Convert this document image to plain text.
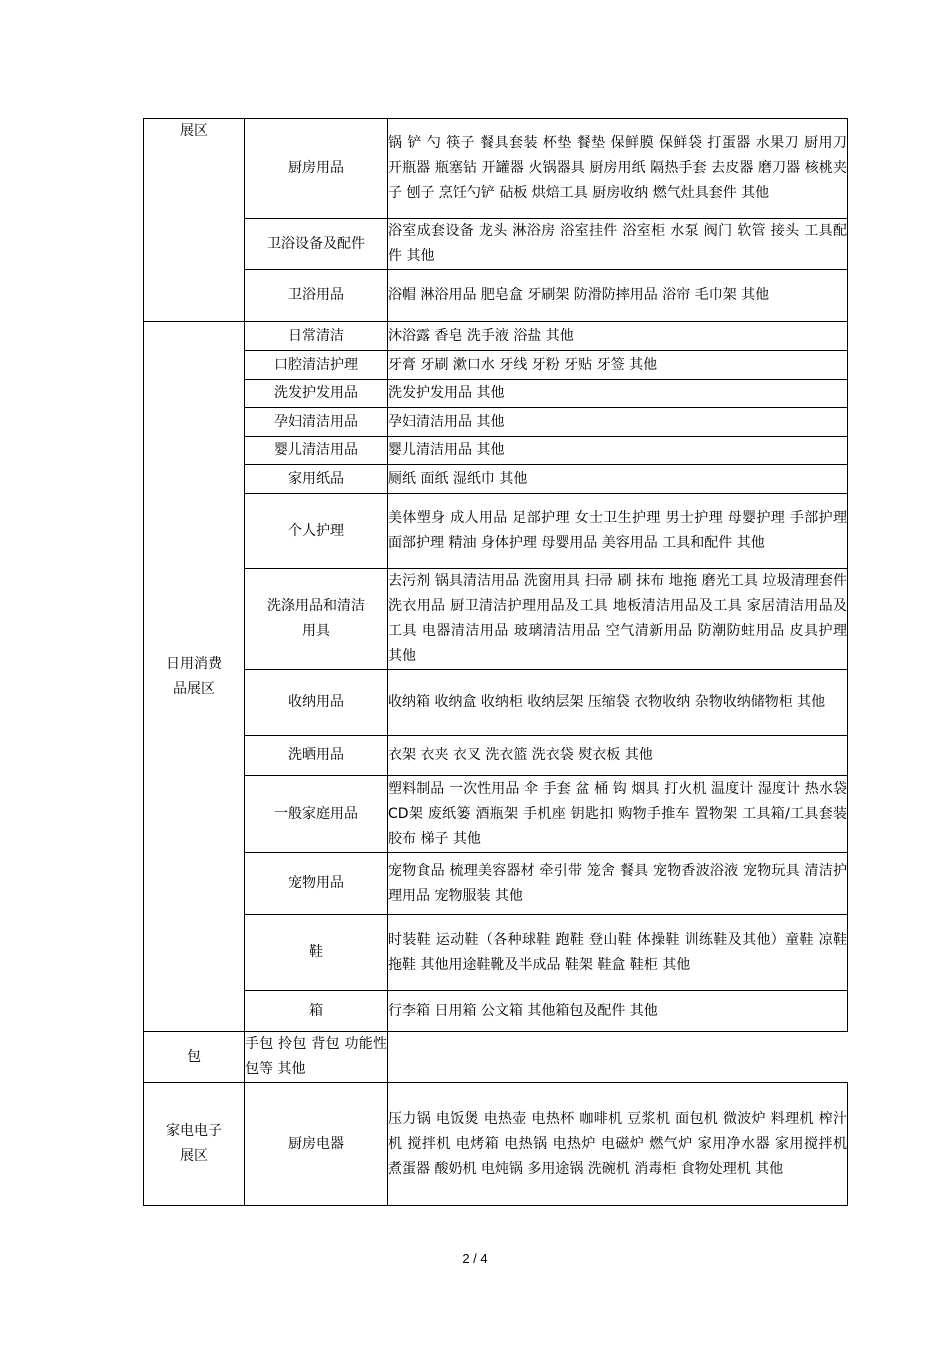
展区	厨房用品	锅 铲 勺 筷子 餐具套装 杯垫 餐垫 保鲜膜 保鲜袋 打蛋器 水果刀 厨用刀 开瓶器 瓶塞钻 开罐器 火锅器具 厨房用纸 隔热手套 去皮器 磨刀器 核桃夹子 刨子 烹饪勺铲 砧板 烘焙工具 厨房收纳 燃气灶具套件 其他
	卫浴设备及配件	浴室成套设备 龙头 淋浴房 浴室挂件 浴室柜 水泵 阀门 软管 接头 工具配件 其他
	卫浴用品	浴帽 淋浴用品 肥皂盒 牙刷架 防滑防摔用品 浴帘 毛巾架 其他

日用消费品展区	日常清洁	沐浴露 香皂 洗手液 浴盐 其他
	口腔清洁护理	牙膏 牙刷 漱口水 牙线 牙粉 牙贴 牙签 其他
	洗发护发用品	洗发护发用品 其他
	孕妇清洁用品	孕妇清洁用品 其他
	婴儿清洁用品	婴儿清洁用品 其他
	家用纸品	厕纸 面纸 湿纸巾 其他
	个人护理	美体塑身 成人用品 足部护理 女士卫生护理 男士护理 母婴护理 手部护理 面部护理 精油 身体护理 母婴用品 美容用品 工具和配件 其他
	洗涤用品和清洁用具	去污剂 锅具清洁用品 洗窗用具 扫帚 刷 抹布 地拖 磨光工具 垃圾清理套件 洗衣用品 厨卫清洁护理用品及工具 地板清洁用品及工具 家居清洁用品及工具 电器清洁用品 玻璃清洁用品 空气清新用品 防潮防蛀用品 皮具护理 其他
	收纳用品	收纳箱 收纳盒 收纳柜 收纳层架 压缩袋 衣物收纳 杂物收纳储物柜 其他
	洗晒用品	衣架 衣夹 衣叉 洗衣篮 洗衣袋 熨衣板 其他
	一般家庭用品	塑料制品 一次性用品 伞 手套 盆 桶 钩 烟具 打火机 温度计 湿度计 热水袋 CD架 废纸篓 酒瓶架 手机座 钥匙扣 购物手推车 置物架 工具箱/工具套装 胶布 梯子 其他
	宠物用品	宠物食品 梳理美容器材 牵引带 笼舍 餐具 宠物香波浴液 宠物玩具 清洁护理用品 宠物服装 其他
	鞋	时装鞋 运动鞋（各种球鞋 跑鞋 登山鞋 体操鞋 训练鞋及其他）童鞋 凉鞋 拖鞋 其他用途鞋靴及半成品 鞋架 鞋盒 鞋柜 其他
	箱	行李箱 日用箱 公文箱 其他箱包及配件 其他
包	手包 拎包 背包 功能性包等 其他	

家电电子展区	厨房电器	压力锅 电饭煲 电热壶 电热杯 咖啡机 豆浆机 面包机 微波炉 料理机 榨汁机 搅拌机 电烤箱 电热锅 电热炉 电磁炉 燃气炉 家用净水器 家用搅拌机 煮蛋器 酸奶机 电炖锅 多用途锅 洗碗机 消毒柜 食物处理机 其他
2 / 4
